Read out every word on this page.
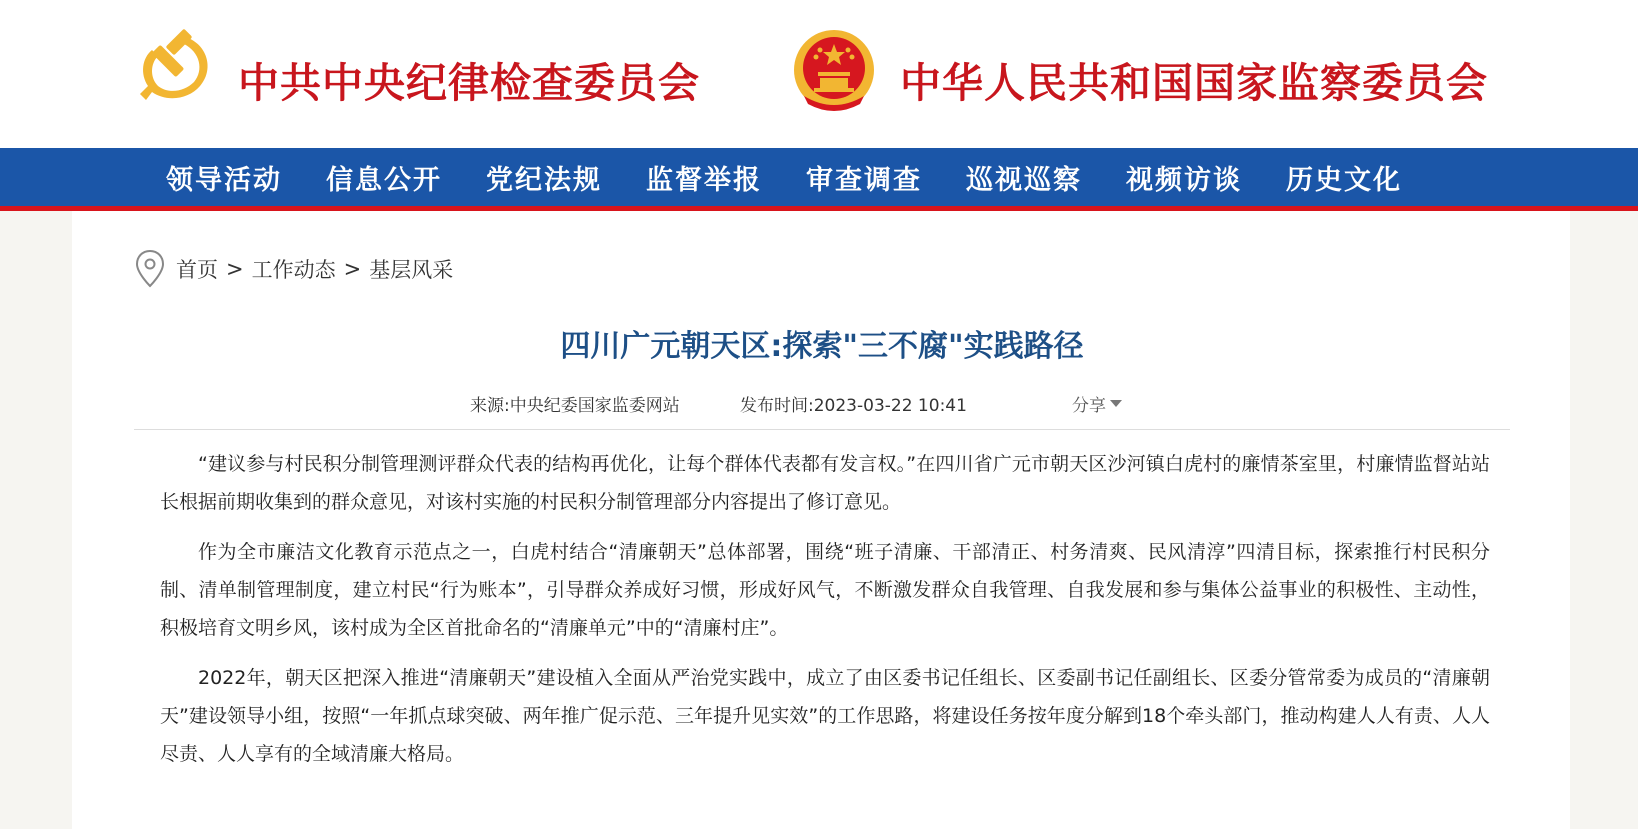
中共中央纪律检查委员会	中华人民共和国国家监察委员会
领导活动 信息公开 党纪法规 监督举报 审查调查 巡视巡察 视频访谈 历史文化
首页 > 工作动态 > 基层风采
四川广元朝天区:探索"三不腐"实践路径
来源:中央纪委国家监委网站	发布时间:2023-03-22 10:41	分享

“建议参与村民积分制管理测评群众代表的结构再优化，让每个群体代表都有发言权。”在四川省广元市朝天区沙河镇白虎村的廉情茶室里，村廉情监督站站长根据前期收集到的群众意见，对该村实施的村民积分制管理部分内容提出了修订意见。

作为全市廉洁文化教育示范点之一，白虎村结合“清廉朝天”总体部署，围绕“班子清廉、干部清正、村务清爽、民风清淳”四清目标，探索推行村民积分制、清单制管理制度，建立村民“行为账本”，引导群众养成好习惯，形成好风气，不断激发群众自我管理、自我发展和参与集体公益事业的积极性、主动性，积极培育文明乡风，该村成为全区首批命名的“清廉单元”中的“清廉村庄”。

2022年，朝天区把深入推进“清廉朝天”建设植入全面从严治党实践中，成立了由区委书记任组长、区委副书记任副组长、区委分管常委为成员的“清廉朝天”建设领导小组，按照“一年抓点球突破、两年推广促示范、三年提升见实效”的工作思路，将建设任务按年度分解到18个牵头部门，推动构建人人有责、人人尽责、人人享有的全域清廉大格局。
